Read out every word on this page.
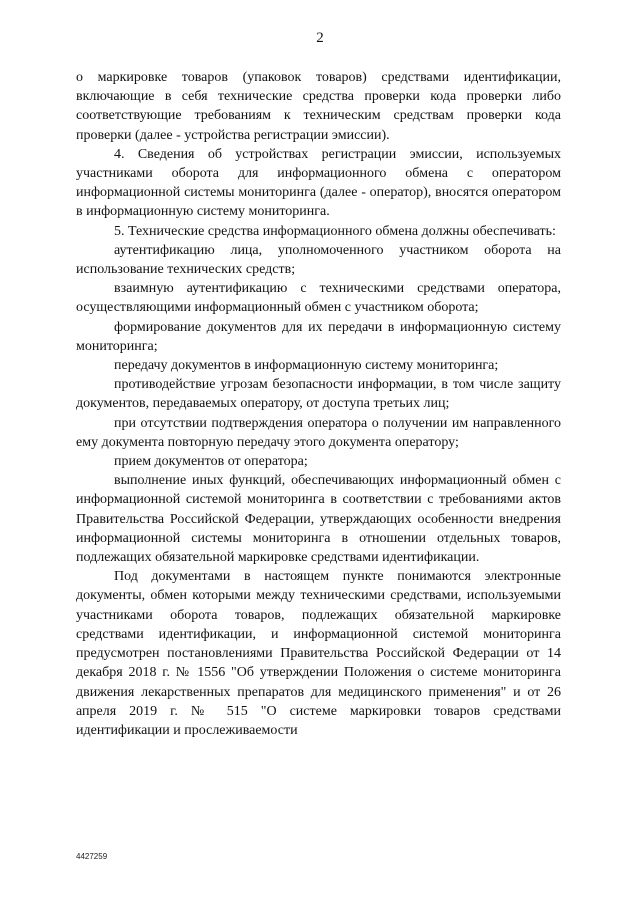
2

о маркировке товаров (упаковок товаров) средствами идентификации, включающие в себя технические средства проверки кода проверки либо соответствующие требованиям к техническим средствам проверки кода проверки (далее - устройства регистрации эмиссии).

4. Сведения об устройствах регистрации эмиссии, используемых участниками оборота для информационного обмена с оператором информационной системы мониторинга (далее - оператор), вносятся оператором в информационную систему мониторинга.

5. Технические средства информационного обмена должны обеспечивать:

аутентификацию лица, уполномоченного участником оборота на использование технических средств;

взаимную аутентификацию с техническими средствами оператора, осуществляющими информационный обмен с участником оборота;

формирование документов для их передачи в информационную систему мониторинга;

передачу документов в информационную систему мониторинга;

противодействие угрозам безопасности информации, в том числе защиту документов, передаваемых оператору, от доступа третьих лиц;

при отсутствии подтверждения оператора о получении им направленного ему документа повторную передачу этого документа оператору;

прием документов от оператора;

выполнение иных функций, обеспечивающих информационный обмен с информационной системой мониторинга в соответствии с требованиями актов Правительства Российской Федерации, утверждающих особенности внедрения информационной системы мониторинга в отношении отдельных товаров, подлежащих обязательной маркировке средствами идентификации.

Под документами в настоящем пункте понимаются электронные документы, обмен которыми между техническими средствами, используемыми участниками оборота товаров, подлежащих обязательной маркировке средствами идентификации, и информационной системой мониторинга предусмотрен постановлениями Правительства Российской Федерации от 14 декабря 2018 г. № 1556 "Об утверждении Положения о системе мониторинга движения лекарственных препаратов для медицинского применения" и от 26 апреля 2019 г. № 515 "О системе маркировки товаров средствами идентификации и прослеживаемости

4427259
